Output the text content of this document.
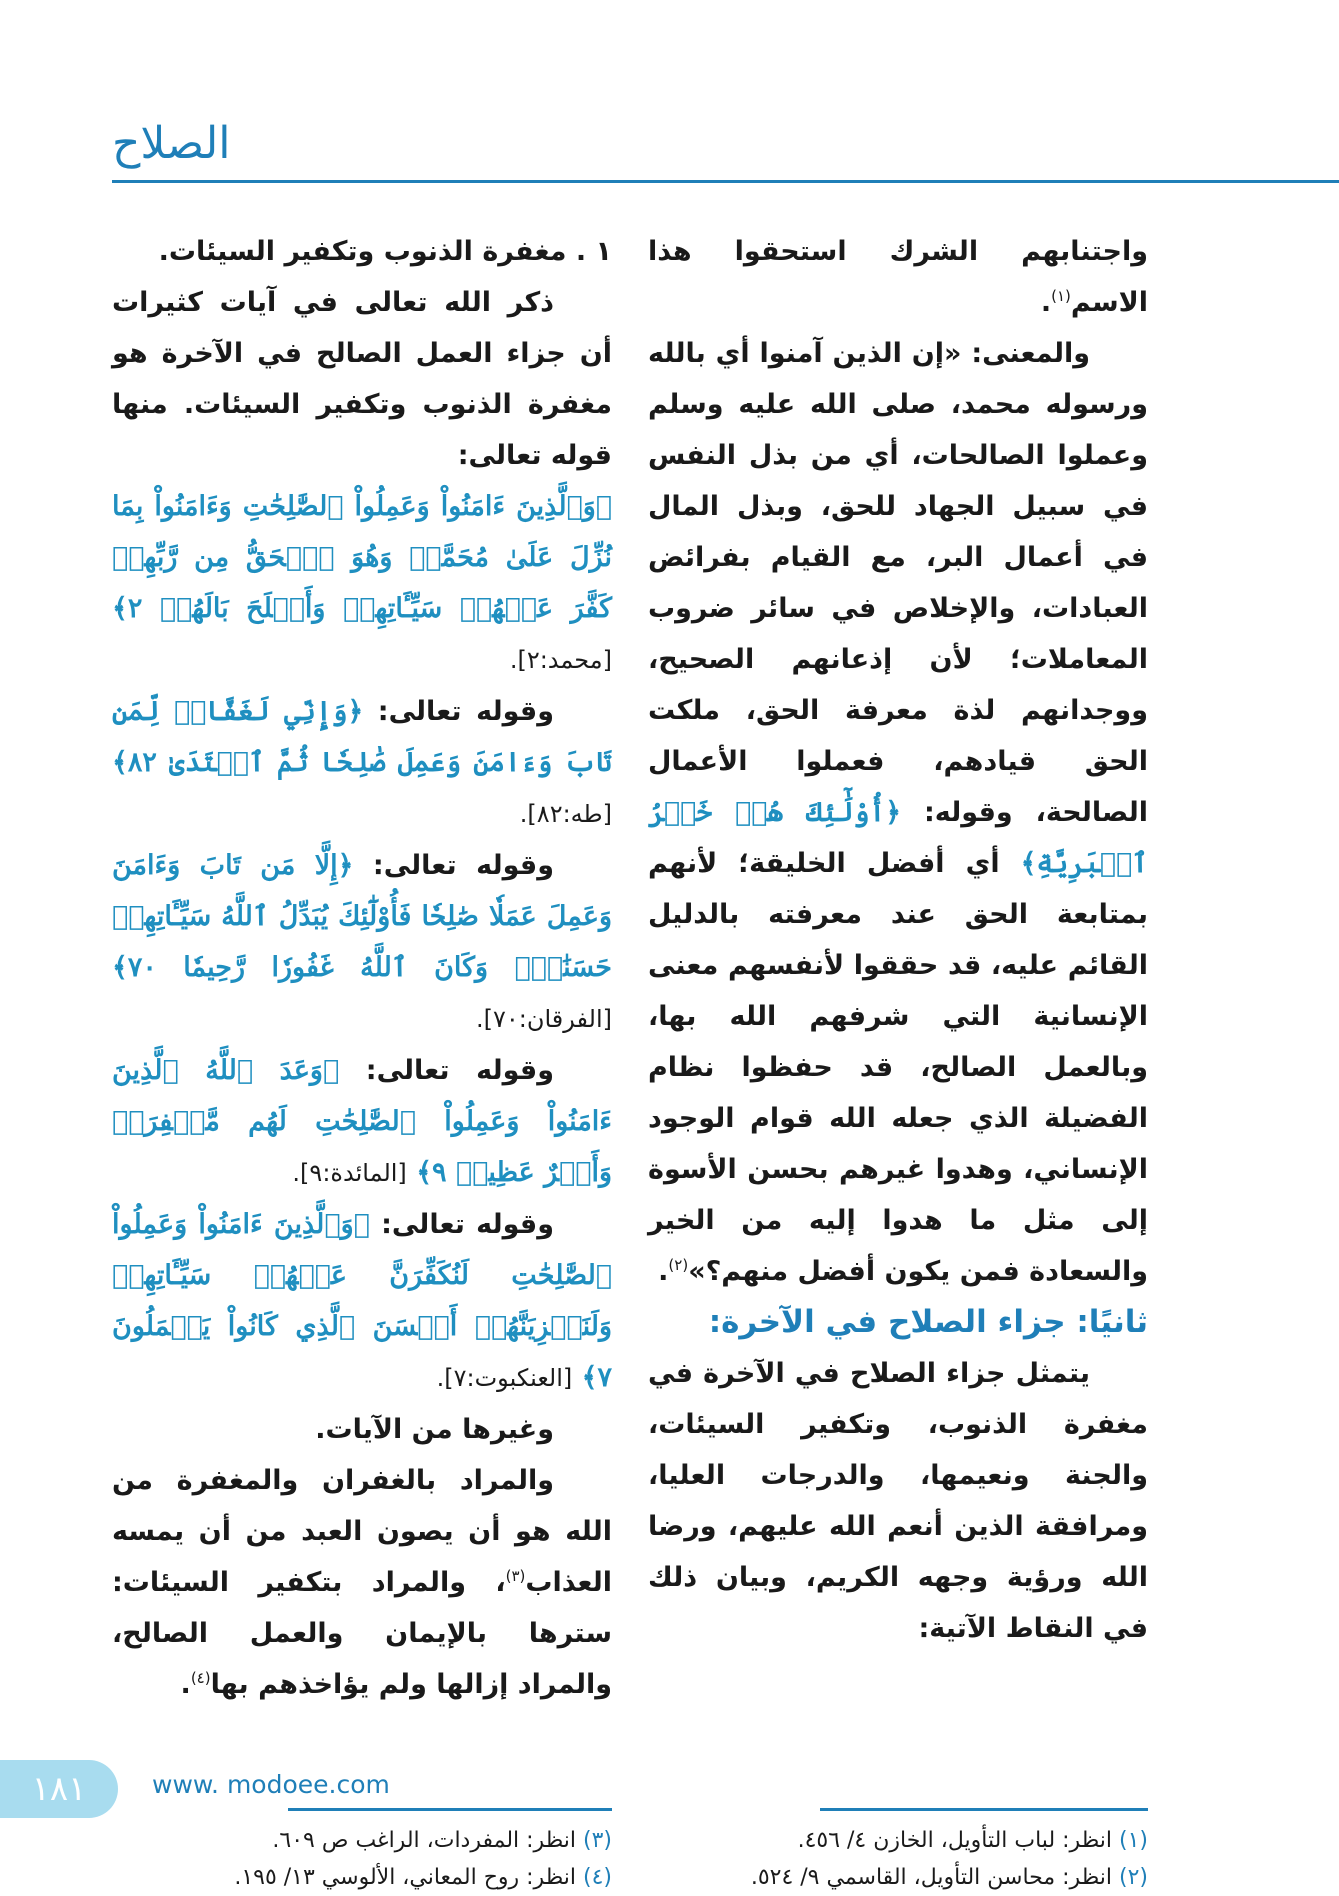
الصلاح

واجتنابهم الشرك استحقوا هذا الاسم$^{(١)}$.

والمعنى: «إن الذين آمنوا أي بالله ورسوله محمد، صلى الله عليه وسلم وعملوا الصالحات، أي من بذل النفس في سبيل الجهاد للحق، وبذل المال في أعمال البر، مع القيام بفرائض العبادات، والإخلاص في سائر ضروب المعاملات؛ لأن إذعانهم الصحيح، ووجدانهم لذة معرفة الحق، ملكت الحق قيادهم، فعملوا الأعمال الصالحة، وقوله: ﴿أُوْلَٰٓئِكَ هُمۡ خَيۡرُ ٱلۡبَرِيَّةِ﴾ أي أفضل الخليقة؛ لأنهم بمتابعة الحق عند معرفته بالدليل القائم عليه، قد حققوا لأنفسهم معنى الإنسانية التي شرفهم الله بها، وبالعمل الصالح، قد حفظوا نظام الفضيلة الذي جعله الله قوام الوجود الإنساني، وهدوا غيرهم بحسن الأسوة إلى مثل ما هدوا إليه من الخير والسعادة فمن يكون أفضل منهم؟»$^{(٢)}$.

ثانيًا: جزاء الصلاح في الآخرة:

يتمثل جزاء الصلاح في الآخرة في مغفرة الذنوب، وتكفير السيئات، والجنة ونعيمها، والدرجات العليا، ومرافقة الذين أنعم الله عليهم، ورضا الله ورؤية وجهه الكريم، وبيان ذلك في النقاط الآتية:

١ . مغفرة الذنوب وتكفير السيئات.

ذكر الله تعالى في آيات كثيرات أن جزاء العمل الصالح في الآخرة هو مغفرة الذنوب وتكفير السيئات. منها قوله تعالى:

﴿وَٱلَّذِينَ ءَامَنُواْ وَعَمِلُواْ ٱلصَّٰلِحَٰتِ وَءَامَنُواْ بِمَا نُزِّلَ عَلَىٰ مُحَمَّدٖ وَهُوَ ٱلۡحَقُّ مِن رَّبِّهِمۡ كَفَّرَ عَنۡهُمۡ سَيِّـَٔاتِهِمۡ وَأَصۡلَحَ بَالَهُمۡ ٢﴾ [محمد:٢].

وقوله تعالى: ﴿وَإِنِّي لَغَفَّارٞ لِّمَن تَابَ وَءَامَنَ وَعَمِلَ صَٰلِحٗا ثُمَّ ٱهۡتَدَىٰ ٨٢﴾ [طه:٨٢].

وقوله تعالى: ﴿إِلَّا مَن تَابَ وَءَامَنَ وَعَمِلَ عَمَلٗا صَٰلِحٗا فَأُوْلَٰٓئِكَ يُبَدِّلُ ٱللَّهُ سَيِّـَٔاتِهِمۡ حَسَنَٰتٖۗ وَكَانَ ٱللَّهُ غَفُورٗا رَّحِيمٗا ٧٠﴾ [الفرقان:٧٠].

وقوله تعالى: ﴿وَعَدَ ٱللَّهُ ٱلَّذِينَ ءَامَنُواْ وَعَمِلُواْ ٱلصَّٰلِحَٰتِ لَهُم مَّغۡفِرَةٞ وَأَجۡرٌ عَظِيمٞ ٩﴾ [المائدة:٩].

وقوله تعالى: ﴿وَٱلَّذِينَ ءَامَنُواْ وَعَمِلُواْ ٱلصَّٰلِحَٰتِ لَنُكَفِّرَنَّ عَنۡهُمۡ سَيِّـَٔاتِهِمۡ وَلَنَجۡزِيَنَّهُمۡ أَحۡسَنَ ٱلَّذِي كَانُواْ يَعۡمَلُونَ ٧﴾ [العنكبوت:٧].

وغيرها من الآيات.

والمراد بالغفران والمغفرة من الله هو أن يصون العبد من أن يمسه العذاب$^{(٣)}$، والمراد بتكفير السيئات: سترها بالإيمان والعمل الصالح، والمراد إزالها ولم يؤاخذهم بها$^{(٤)}$.

(١) انظر: لباب التأويل، الخازن ٤/ ٤٥٦.
(٢) انظر: محاسن التأويل، القاسمي ٩/ ٥٢٤.
(٣) انظر: المفردات، الراغب ص ٦٠٩.
(٤) انظر: روح المعاني، الألوسي ١٣/ ١٩٥.
١٨١	www. modoee.com
